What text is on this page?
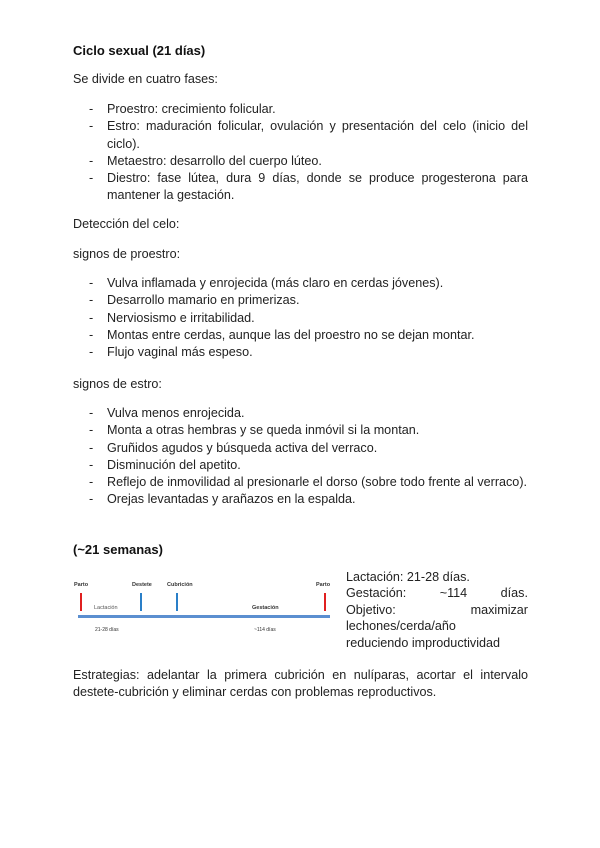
Ciclo sexual (21 días)
Se divide en cuatro fases:
- Proestro: crecimiento folicular.
- Estro: maduración folicular, ovulación y presentación del celo (inicio del ciclo).
- Metaestro: desarrollo del cuerpo lúteo.
- Diestro: fase lútea, dura 9 días, donde se produce progesterona para mantener la gestación.
Detección del celo:
signos de proestro:
- Vulva inflamada y enrojecida (más claro en cerdas jóvenes).
- Desarrollo mamario en primerizas.
- Nerviosismo e irritabilidad.
- Montas entre cerdas, aunque las del proestro no se dejan montar.
- Flujo vaginal más espeso.
signos de estro:
- Vulva menos enrojecida.
- Monta a otras hembras y se queda inmóvil si la montan.
- Gruñidos agudos y búsqueda activa del verraco.
- Disminución del apetito.
- Reflejo de inmovilidad al presionarle el dorso (sobre todo frente al verraco).
- Orejas levantadas y arañazos en la espalda.
(~21 semanas)
Parto	Destete	Cubrición	Parto
Lactación	Gestación
21-28 días	~114 días
Lactación: 21-28 días.
Gestación:	~114	días.
Objetivo:	maximizar
lechones/cerda/año
reduciendo improductividad
Estrategias: adelantar la primera cubrición en nulíparas, acortar el intervalo destete-cubrición y eliminar cerdas con problemas reproductivos.
